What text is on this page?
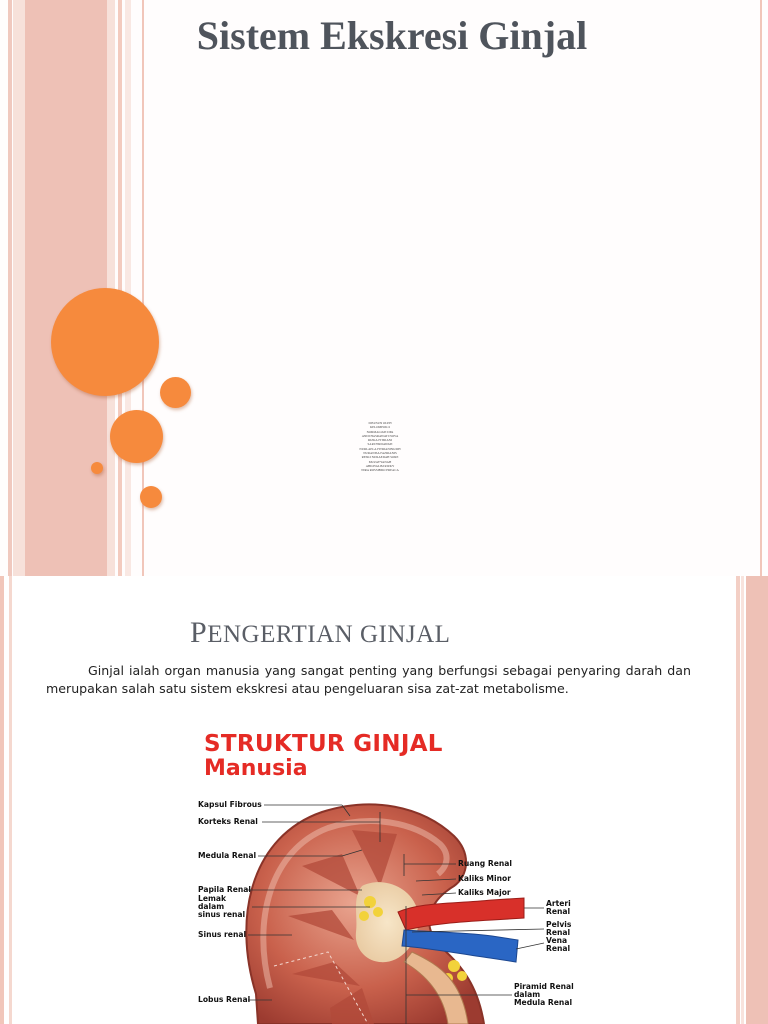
Sistem Ekskresi Ginjal
DISUSUN OLEH
KELOMPOK 6
NORMALIATI DPA
ANDI HASRAWATI NOVA
RIZKA FITRIANI
SARI FIRDAWATI
NURLAELA FITRIANINGSIH
NURANISA FAZRIANIS
RESKI NURAEDAH SORE
MUZAYYANAH
ABD.HALIM RIZKY
NIRA ROSSIBDO PREACA
PENGERTIAN GINJAL
Ginjal ialah organ manusia yang sangat penting yang berfungsi sebagai penyaring darah dan merupakan salah satu sistem ekskresi atau pengeluaran sisa zat-zat metabolisme.
STRUKTUR GINJAL
Manusia
Kapsul Fibrous
Korteks Renal
Medula Renal
Papila Renal
Lemak
dalam
sinus renal
Sinus renal
Lobus Renal
Ruang Renal
Kaliks Minor
Kaliks Major
Arteri
Renal
Pelvis
Renal
Vena
Renal
Piramid Renal
dalam
Medula Renal
